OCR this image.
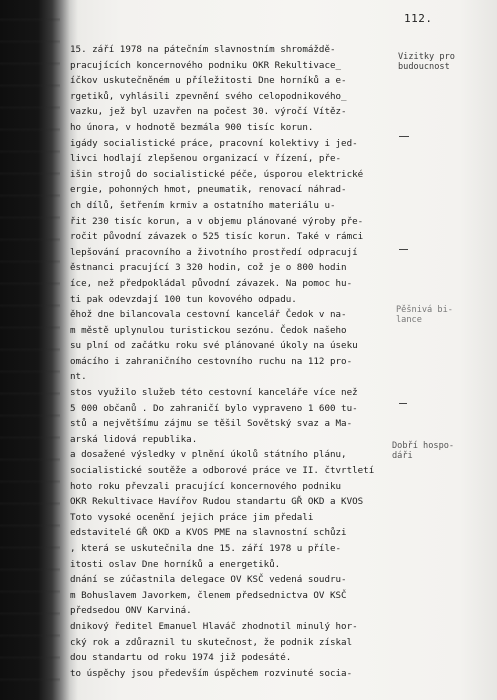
112.
15. září 1978 na pátečním slavnostním shromáždě-
pracujících koncernového podniku OKR Rekultivace_
íčkov uskutečněném u příležitosti Dne horníků a e-
rgetiků, vyhlásili zpevnění svého celopodnikového_
vazku, jež byl uzavřen na počest 30. výročí Vítěz-
ho února, v hodnotě bezmála 900 tisíc korun.
igády socialistické práce, pracovní kolektivy i jed-
livci hodlají zlepšenou organizací v řízení, pře-
išin strojů do socialistické péče, úsporou elektrické
ergie, pohonných hmot, pneumatik, renovací náhrad-
ch dílů, šetřením krmiv a ostatního materiálu u-
řit 230 tisíc korun, a v objemu plánované výroby pře-
ročit původní závazek o 525 tisíc korun. Také v rámci
lepšování pracovního a životního prostředí odpracují
ěstnanci pracující 3 320 hodin, což je o 800 hodin
íce, než předpokládal původní závazek. Na pomoc hu-
ti pak odevzdají 100 tun kovového odpadu.
ěhož dne bilancovala cestovní kancelář Čedok v na-
m městě uplynulou turistickou sezónu. Čedok našeho
su plní od začátku roku své plánované úkoly na úseku
omácího i zahraničního cestovního ruchu na 112 pro-
nt.
stos využilo služeb této cestovní kanceláře více než
5 000 občanů . Do zahraničí bylo vypraveno 1 600 tu-
stů a největšímu zájmu se těšil Sovětský svaz a Ma-
arská lidová republika.
a dosažené výsledky v plnění úkolů státního plánu,
socialistické soutěže a odborové práce ve II. čtvrtletí
hoto roku převzali pracující koncernového podniku
OKR Rekultivace Havířov Rudou standartu GŘ OKD a KVOS
Toto vysoké ocenění jejich práce jim předali
edstavitelé GŘ OKD a KVOS PME na slavnostní schůzi
, která se uskutečnila dne 15. září 1978 u příle-
itosti oslav Dne horníků a energetiků.
dnání se zúčastnila delegace OV KSČ vedená soudru-
m Bohuslavem Javorkem, členem předsednictva OV KSČ
předsedou ONV Karviná.
dnikový ředitel Emanuel Hlaváč zhodnotil minulý hor-
cký rok a zdůraznil tu skutečnost, že podnik získal
dou standartu od roku 1974 již podesáté.
to úspěchy jsou především úspěchem rozvinuté socia-
Vizitky pro
budoucnost
Pěšnivá bi-
lance
Dobří hospo-
dáři
